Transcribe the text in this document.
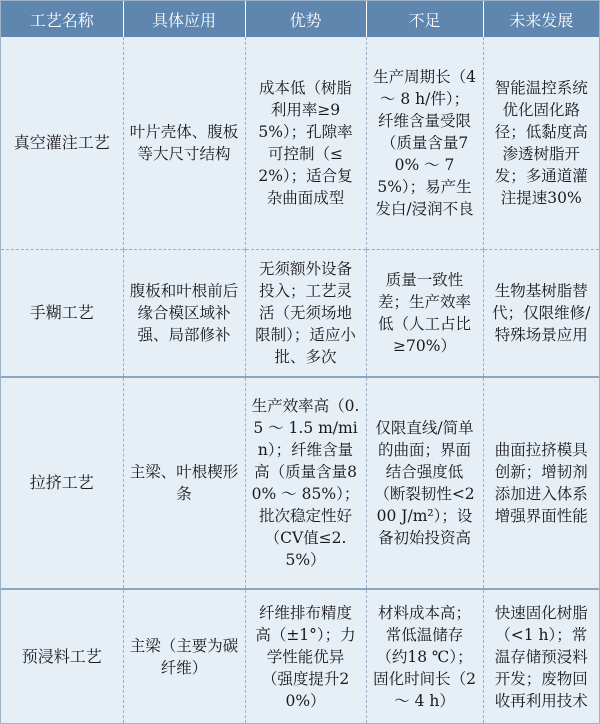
工艺名称	具体应用	优势	不足	未来发展
真空灌注工艺	叶片壳体、腹板等大尺寸结构	成本低（树脂利用率≥95%）；孔隙率可控制（≤2%）；适合复杂曲面成型	生产周期长（4 ～ 8 h/件）；纤维含量受限（质量含量70% ～ 75%）；易产生发白/浸润不良	智能温控系统优化固化路径；低黏度高渗透树脂开发；多通道灌注提速30%
手糊工艺	腹板和叶根前后缘合模区域补强、局部修补	无须额外设备投入；工艺灵活（无须场地限制）；适应小批、多次	质量一致性差；生产效率低（人工占比≥70%）	生物基树脂替代；仅限维修/特殊场景应用
拉挤工艺	主梁、叶根楔形条	生产效率高（0.5 ～ 1.5 m/min）；纤维含量高（质量含量80% ～ 85%）；批次稳定性好（CV值≤2.5%）	仅限直线/简单的曲面；界面结合强度低（断裂韧性<200 J/m²）；设备初始投资高	曲面拉挤模具创新；增韧剂添加进入体系增强界面性能
预浸料工艺	主梁（主要为碳纤维）	纤维排布精度高（±1°）；力学性能优异（强度提升20%）	材料成本高；常低温储存（约18 ℃）；固化时间长（2 ～ 4 h）	快速固化树脂（<1 h）；常温存储预浸料开发；废物回收再利用技术
